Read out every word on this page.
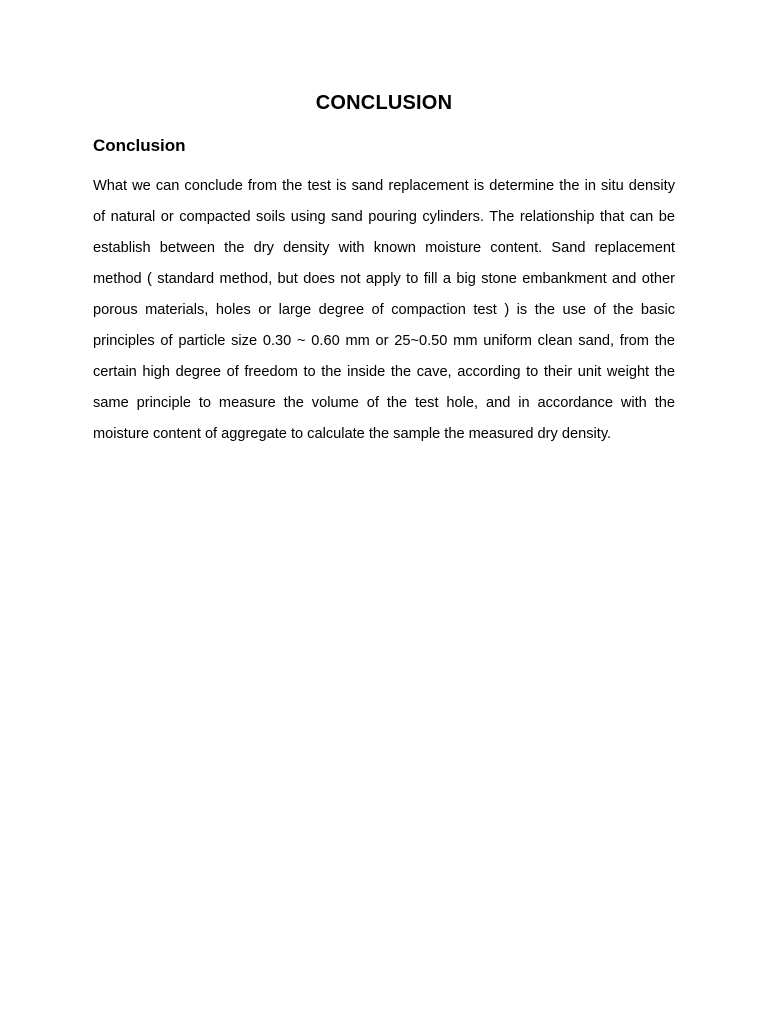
CONCLUSION
Conclusion

What we can conclude from the test is sand replacement is determine the in situ density of natural or compacted soils using sand pouring cylinders. The relationship that can be establish between the dry density with known moisture content. Sand replacement method ( standard method, but does not apply to fill a big stone embankment and other porous materials, holes or large degree of compaction test ) is the use of the basic principles of particle size 0.30 ~ 0.60 mm or 25~0.50 mm uniform clean sand, from the certain high degree of freedom to the inside the cave, according to their unit weight the same principle to measure the volume of the test hole, and in accordance with the moisture content of aggregate to calculate the sample the measured dry density.
